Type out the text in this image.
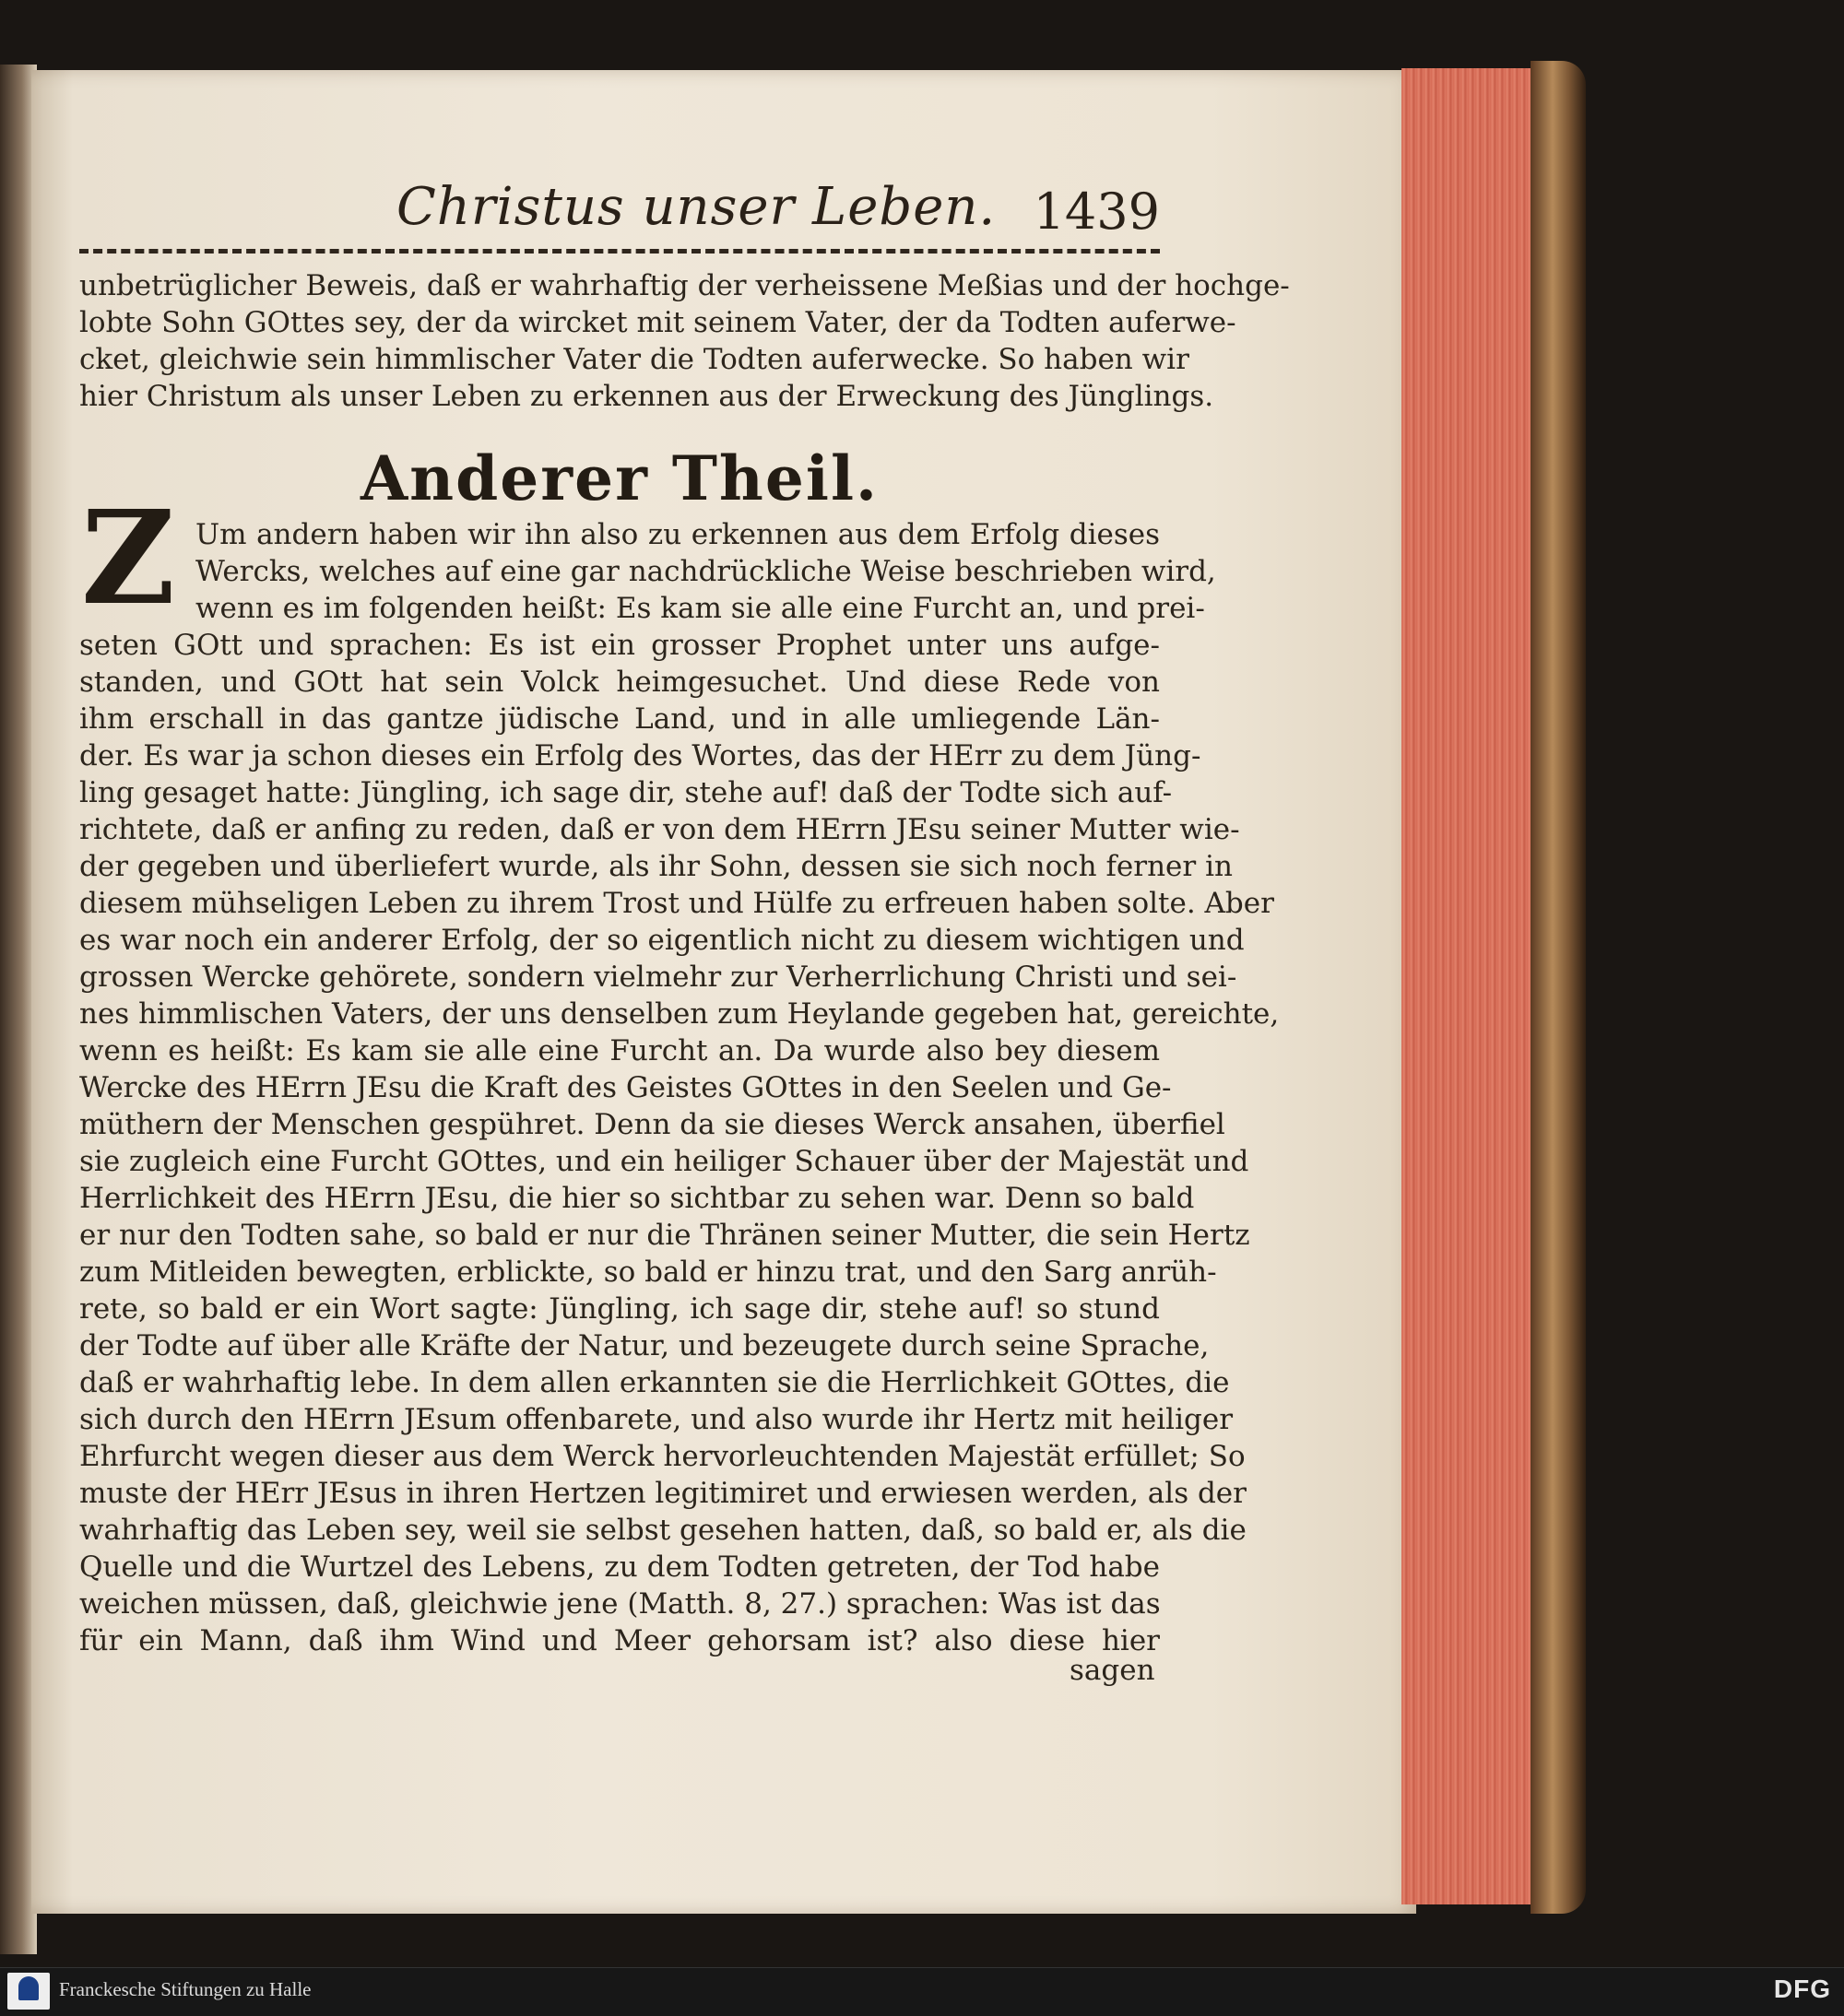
Christus unser Leben. 1439
unbetrüglicher Beweis, daß er wahrhaftig der verheissene Meßias und der hochge-
lobte Sohn GOttes sey, der da wircket mit seinem Vater, der da Todten auferwe-
cket, gleichwie sein himmlischer Vater die Todten auferwecke. So haben wir
hier Christum als unser Leben zu erkennen aus der Erweckung des Jünglings.
Anderer Theil.
Z Um andern haben wir ihn also zu erkennen aus dem Erfolg dieses
Wercks, welches auf eine gar nachdrückliche Weise beschrieben wird,
wenn es im folgenden heißt: Es kam sie alle eine Furcht an, und prei-
seten GOtt und sprachen: Es ist ein grosser Prophet unter uns aufge-
standen, und GOtt hat sein Volck heimgesuchet. Und diese Rede von
ihm erschall in das gantze jüdische Land, und in alle umliegende Län-
der. Es war ja schon dieses ein Erfolg des Wortes, das der HErr zu dem Jüng-
ling gesaget hatte: Jüngling, ich sage dir, stehe auf! daß der Todte sich auf-
richtete, daß er anfing zu reden, daß er von dem HErrn JEsu seiner Mutter wie-
der gegeben und überliefert wurde, als ihr Sohn, dessen sie sich noch ferner in
diesem mühseligen Leben zu ihrem Trost und Hülfe zu erfreuen haben solte. Aber
es war noch ein anderer Erfolg, der so eigentlich nicht zu diesem wichtigen und
grossen Wercke gehörete, sondern vielmehr zur Verherrlichung Christi und sei-
nes himmlischen Vaters, der uns denselben zum Heylande gegeben hat, gereichte,
wenn es heißt: Es kam sie alle eine Furcht an. Da wurde also bey diesem
Wercke des HErrn JEsu die Kraft des Geistes GOttes in den Seelen und Ge-
müthern der Menschen gespühret. Denn da sie dieses Werck ansahen, überfiel
sie zugleich eine Furcht GOttes, und ein heiliger Schauer über der Majestät und
Herrlichkeit des HErrn JEsu, die hier so sichtbar zu sehen war. Denn so bald
er nur den Todten sahe, so bald er nur die Thränen seiner Mutter, die sein Hertz
zum Mitleiden bewegten, erblickte, so bald er hinzu trat, und den Sarg anrüh-
rete, so bald er ein Wort sagte: Jüngling, ich sage dir, stehe auf! so stund
der Todte auf über alle Kräfte der Natur, und bezeugete durch seine Sprache,
daß er wahrhaftig lebe. In dem allen erkannten sie die Herrlichkeit GOttes, die
sich durch den HErrn JEsum offenbarete, und also wurde ihr Hertz mit heiliger
Ehrfurcht wegen dieser aus dem Werck hervorleuchtenden Majestät erfüllet; So
muste der HErr JEsus in ihren Hertzen legitimiret und erwiesen werden, als der
wahrhaftig das Leben sey, weil sie selbst gesehen hatten, daß, so bald er, als die
Quelle und die Wurtzel des Lebens, zu dem Todten getreten, der Tod habe
weichen müssen, daß, gleichwie jene (Matth. 8, 27.) sprachen: Was ist das
für ein Mann, daß ihm Wind und Meer gehorsam ist? also diese hier
sagen
Franckesche Stiftungen zu Halle	DFG
